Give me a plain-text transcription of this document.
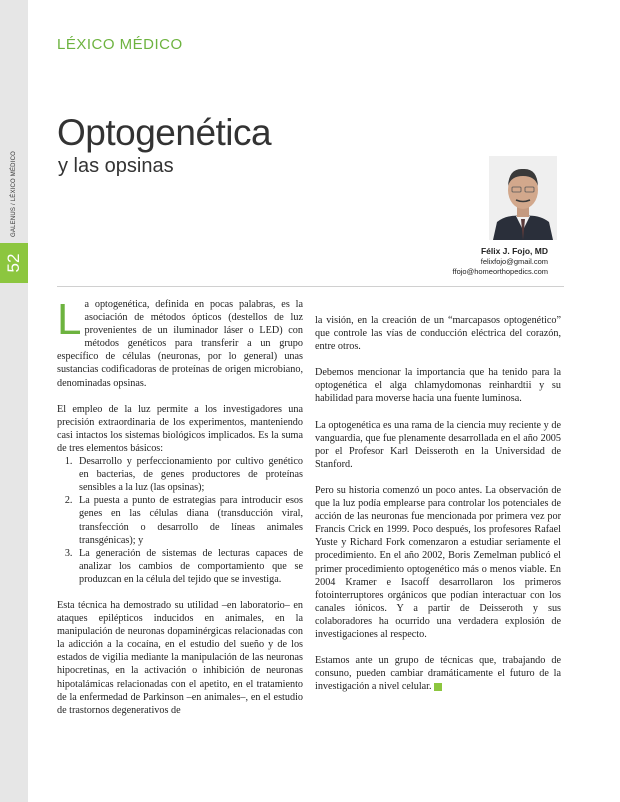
GALENUS / LÉXICO MÉDICO
52
LÉXICO MÉDICO
Optogenética
y las opsinas
Félix J. Fojo, MD
felixfojo@gmail.com
ffojo@homeorthopedics.com

La optogenética, definida en pocas palabras, es la asociación de métodos ópticos (destellos de luz provenientes de un iluminador láser o LED) con métodos genéticos para transferir a un grupo específico de células (neuronas, por lo general) unas sustancias codificadoras de proteínas de origen microbiano, denominadas opsinas.

El empleo de la luz permite a los investigadores una precisión extraordinaria de los experimentos, manteniendo casi intactos los sistemas biológicos implicados. Es la suma de tres elementos básicos:

1. Desarrollo y perfeccionamiento por cultivo genético en bacterias, de genes productores de proteínas sensibles a la luz (las opsinas);
2. La puesta a punto de estrategias para introducir esos genes en las células diana (transducción viral, transfección o desarrollo de líneas animales transgénicas); y
3. La generación de sistemas de lecturas capaces de analizar los cambios de comportamiento que se produzcan en la célula del tejido que se investiga.

Esta técnica ha demostrado su utilidad –en laboratorio– en ataques epilépticos inducidos en animales, en la manipulación de neuronas dopaminérgicas relacionadas con la adicción a la cocaína, en el estudio del sueño y de los estados de vigilia mediante la manipulación de las neuronas hipocretinas, en la activación o inhibición de neuronas hipotalámicas relacionadas con el apetito, en el tratamiento de la enfermedad de Parkinson –en animales–, en el estudio de trastornos degenerativos de

la visión, en la creación de un “marcapasos optogenético” que controle las vías de conducción eléctrica del corazón, entre otros.

Debemos mencionar la importancia que ha tenido para la optogenética el alga chlamydomonas reinhardtii y su habilidad para moverse hacia una fuente luminosa.

La optogenética es una rama de la ciencia muy reciente y de vanguardia, que fue plenamente desarrollada en el año 2005 por el Profesor Karl Deisseroth en la Universidad de Stanford.

Pero su historia comenzó un poco antes. La observación de que la luz podía emplearse para controlar los potenciales de acción de las neuronas fue mencionada por primera vez por Francis Crick en 1999. Poco después, los profesores Rafael Yuste y Richard Fork comenzaron a estudiar seriamente el procedimiento. En el año 2002, Boris Zemelman publicó el primer procedimiento optogenético más o menos viable. En 2004 Kramer e Isacoff desarrollaron los primeros fotointerruptores orgánicos que podían interactuar con los canales iónicos. Y a partir de Deisseroth y sus colaboradores ha ocurrido una verdadera explosión de investigaciones al respecto.

Estamos ante un grupo de técnicas que, trabajando de consuno, pueden cambiar dramáticamente el futuro de la investigación a nivel celular.
